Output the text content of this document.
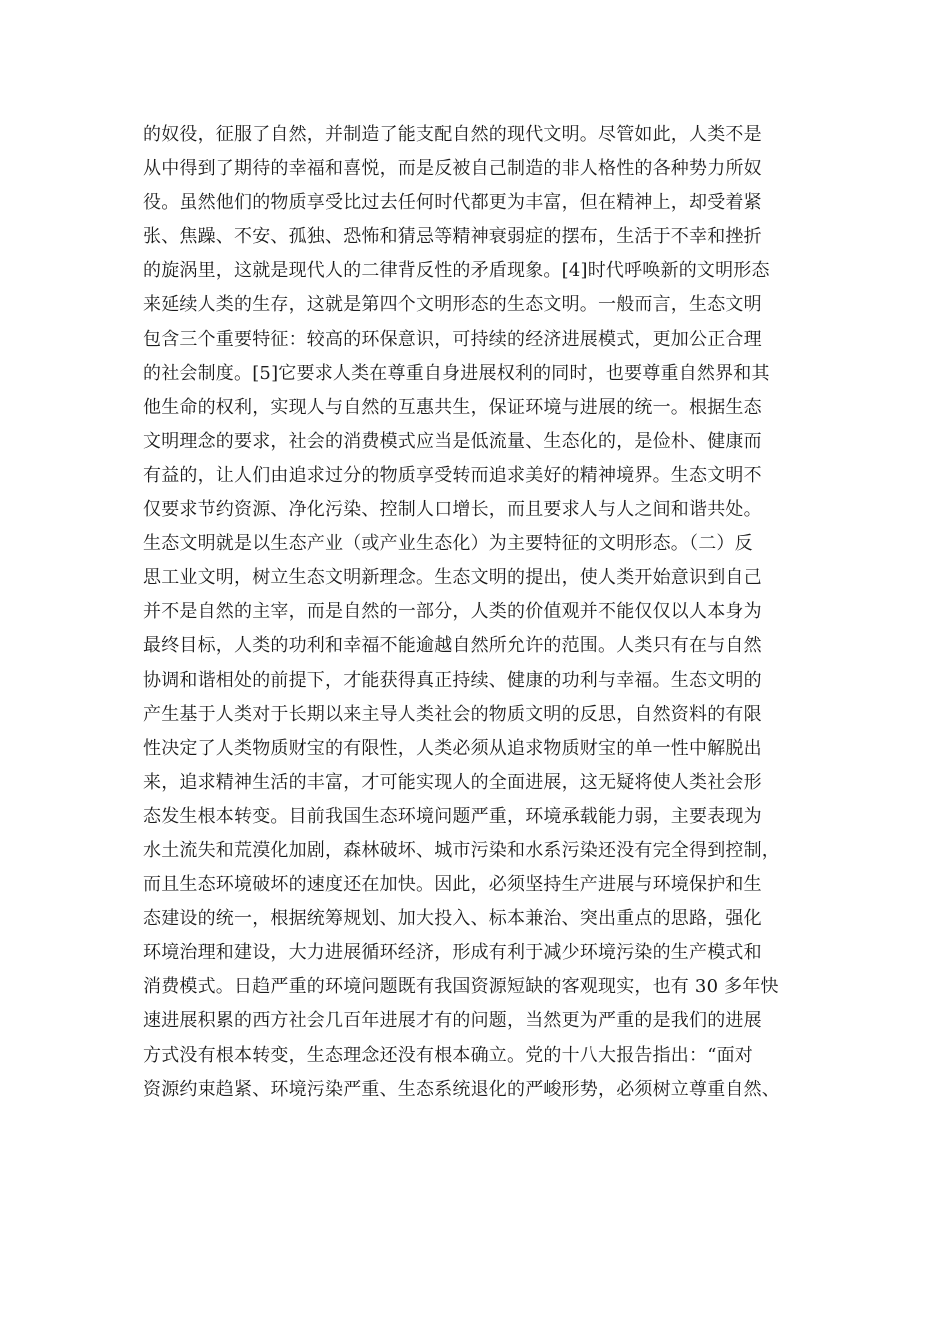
的奴役，征服了自然，并制造了能支配自然的现代文明。尽管如此，人类不是
从中得到了期待的幸福和喜悦，而是反被自己制造的非人格性的各种势力所奴
役。虽然他们的物质享受比过去任何时代都更为丰富，但在精神上，却受着紧
张、焦躁、不安、孤独、恐怖和猜忌等精神衰弱症的摆布，生活于不幸和挫折
的旋涡里，这就是现代人的二律背反性的矛盾现象。[4]时代呼唤新的文明形态
来延续人类的生存，这就是第四个文明形态的生态文明。一般而言，生态文明
包含三个重要特征：较高的环保意识，可持续的经济进展模式，更加公正合理
的社会制度。[5]它要求人类在尊重自身进展权利的同时，也要尊重自然界和其
他生命的权利，实现人与自然的互惠共生，保证环境与进展的统一。根据生态
文明理念的要求，社会的消费模式应当是低流量、生态化的，是俭朴、健康而
有益的，让人们由追求过分的物质享受转而追求美好的精神境界。生态文明不
仅要求节约资源、净化污染、控制人口增长，而且要求人与人之间和谐共处。
生态文明就是以生态产业（或产业生态化）为主要特征的文明形态。（二）反
思工业文明，树立生态文明新理念。生态文明的提出，使人类开始意识到自己
并不是自然的主宰，而是自然的一部分，人类的价值观并不能仅仅以人本身为
最终目标，人类的功利和幸福不能逾越自然所允许的范围。人类只有在与自然
协调和谐相处的前提下，才能获得真正持续、健康的功利与幸福。生态文明的
产生基于人类对于长期以来主导人类社会的物质文明的反思，自然资料的有限
性决定了人类物质财宝的有限性，人类必须从追求物质财宝的单一性中解脱出
来，追求精神生活的丰富，才可能实现人的全面进展，这无疑将使人类社会形
态发生根本转变。目前我国生态环境问题严重，环境承载能力弱，主要表现为
水土流失和荒漠化加剧，森林破坏、城市污染和水系污染还没有完全得到控制，
而且生态环境破坏的速度还在加快。因此，必须坚持生产进展与环境保护和生
态建设的统一，根据统筹规划、加大投入、标本兼治、突出重点的思路，强化
环境治理和建设，大力进展循环经济，形成有利于减少环境污染的生产模式和
消费模式。日趋严重的环境问题既有我国资源短缺的客观现实，也有 30 多年快
速进展积累的西方社会几百年进展才有的问题，当然更为严重的是我们的进展
方式没有根本转变，生态理念还没有根本确立。党的十八大报告指出：“面对
资源约束趋紧、环境污染严重、生态系统退化的严峻形势，必须树立尊重自然、
